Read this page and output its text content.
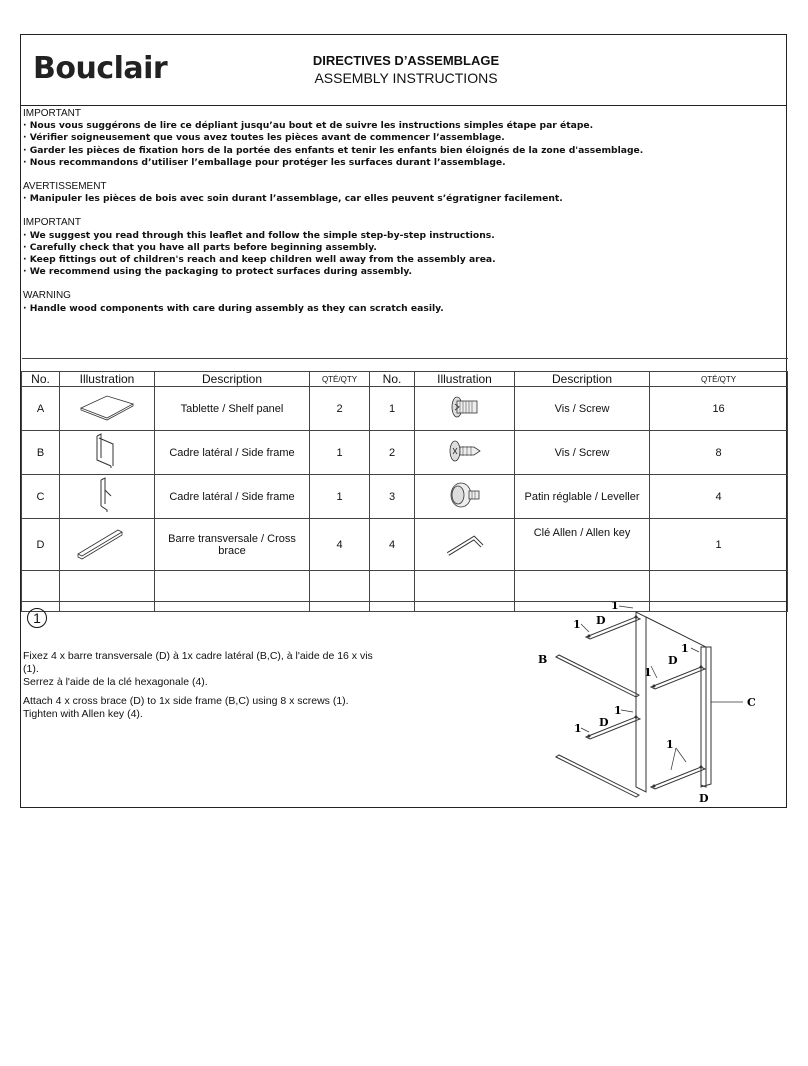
Bouclair	DIRECTIVES D’ASSEMBLAGE
ASSEMBLY INSTRUCTIONS
IMPORTANT
· Nous vous suggérons de lire ce dépliant jusqu’au bout et de suivre les instructions simples étape par étape.
· Vérifier soigneusement que vous avez toutes les pièces avant de commencer l’assemblage.
· Garder les pièces de fixation hors de la portée des enfants et tenir les enfants bien éloignés de la zone d'assemblage.
· Nous recommandons d’utiliser l’emballage pour protéger les surfaces durant l’assemblage.
AVERTISSEMENT
· Manipuler les pièces de bois avec soin durant l’assemblage, car elles peuvent s’égratigner facilement.
IMPORTANT
· We suggest you read through this leaflet and follow the simple step-by-step instructions.
· Carefully check that you have all parts before beginning assembly.
· Keep fittings out of children's reach and keep children well away from the assembly area.
· We recommend using the packaging to protect surfaces during assembly.
WARNING
· Handle wood components with care during assembly as they can scratch easily.

No.	Illustration	Description	QTÉ/QTY	No.	Illustration	Description	QTÉ/QTY
A		Tablette / Shelf panel	2	1		Vis / Screw	16
B		Cadre latéral / Side frame	1	2		Vis / Screw	8
C		Cadre latéral / Side frame	1	3		Patin réglable / Leveller	4
D		Barre transversale / Cross brace	4	4		Clé Allen / Allen key	1

1
Fixez 4 x barre transversale (D) à 1x cadre latéral (B,C), à l'aide de 16 x vis (1).
Serrez à l'aide de la clé hexagonale (4).
Attach 4 x cross brace (D) to 1x side frame (B,C) using 8 x screws (1).
Tighten with Allen key (4).
1
D
1
B
1
D
1
C
1
D
1
1
D
